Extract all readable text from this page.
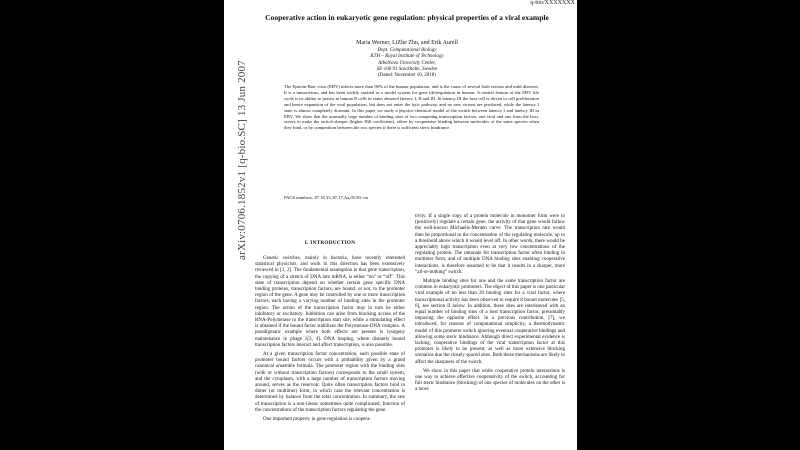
q-bio/XXXXXXX
arXiv:0706.1852v1 [q-bio.SC] 13 Jun 2007
Cooperative action in eukaryotic gene regulation: physical properties of a viral example
Maria Werner, LiZhe Zhu, and Erik Aurell
Dept. Computational Biology
KTH – Royal Institute of Technology
AlbaNova University Center,
SE-106 91 Stockholm, Sweden
(Dated: November 10, 2018)
The Epstein-Barr virus (EBV) infects more than 90% of the human population, and is the cause of several both serious and mild diseases. It is a tumorivirus, and has been widely studied as a model system for gene (de)regulation in human. A central feature of the EBV life cycle is its ability to persist in human B cells in states denoted latency I, II and III. In latency III the host cell is driven to cell proliferation and hence expansion of the viral population, but does not enter the lytic pathway, and no new virions are produced, while the latency I state is almost completely dormant. In this paper we study a physico-chemical model of the switch between latency I and latency III in EBV. We show that the unusually large number of binding sites of two competing transcription factors, one viral and one from the host, serves to make the switch sharper (higher Hill coefficient), either by cooperative binding between molecules of the same species when they bind, or by competition between the two species if there is sufficient steric hindrance.
PACS numbers: 87.16.Yc,87.17.Aa,05.90.+m
I. INTRODUCTION

Genetic switches, mainly in bacteria, have recently interested statistical physicists, and work in this direction has been extensively reviewed in [1, 2]. The fundamental assumption is that gene transcription, the copying of a stretch of DNA into mRNA, is either “on” or “off”. This state of transcription depend on whether certain gene specific DNA binding proteins, transcription factors, are bound, or not, to the promoter region of the gene. A gene may be controlled by one or more transcription factors, each having a varying number of binding sites in the promoter region. The action of the transcription factor may in turn be either inhibitory or excitatory. Inhibition can arise from blocking access of the RNA-Polymerase to the transcription start site, while a stimulating effect is obtained if the bound factor stabilizes the Polymerase-DNA complex. A paradigmatic example where both effects are present is lysogeny maintenance in phage λ[3, 4]. DNA looping, where distantly bound transcription factors interact and affect transcription, is also possible.

At a given transcription factor concentration, each possible state of promoter bound factors occurs with a probability given by a grand canonical ensemble formula. The promoter region with the binding sites (with or without transcription factors) corresponds to the small system, and the cytoplasm, with a large number of transcription factors moving around, serves as the reservoir. Quite often transcription factors bind in dimer (or multimer) form, in which case the relevant concentration is determined by balance from the total concentration. In summary, the rate of transcription is a non-linear, sometimes quite complicated, function of the concentrations of the transcription factors regulating the gene.

One important property in gene regulation is coopera-

tivity. If a single copy of a protein molecule in monomer form were to (positively) regulate a certain gene, the activity of that gene would follow the well-known Michaelis-Menten curve. The transcription rate would then be proportional to the concentration of the regulating molecule, up to a threshold above which it would level off. In other words, there would be appreciably high transcription even at very low concentrations of the regulating protein. The rationale for transcription factor often binding in multimer form, and of multiple DNA binding sites enabling cooperative interactions, is therefore assumed to be that it results in a sharper, more “all-or-nothing” switch.

Multiple binding sites for one and the same transcription factor are common in eukaryotic promoters. The object of this paper is one particular viral example of no less than 20 binding sites for a viral factor, where transcriptional activity has been observed to require 8 bound molecules [5, 6], see section II below. In addition, these sites are interleaved with an equal number of binding sites of a host transcription factor, presumably imposing the opposite effect. In a previous contribution, [7], we introduced, for reasons of computational simplicity, a thermodynamic model of this promoter switch ignoring eventual cooperative bindings and allowing some steric hindrance. Although direct experimental evidence is lacking, cooperative bindings of the viral transcription factor at this promoter is likely to be present, as well as more extensive blocking scenarios due the closely spaced sites. Both these mechanisms are likely to affect the sharpness of the switch.

We show in this paper that while cooperative protein interactions is one way to achieve effective cooperativity of the switch, accounting for full steric hindrance (blocking) of one species of molecules on the other is a more
